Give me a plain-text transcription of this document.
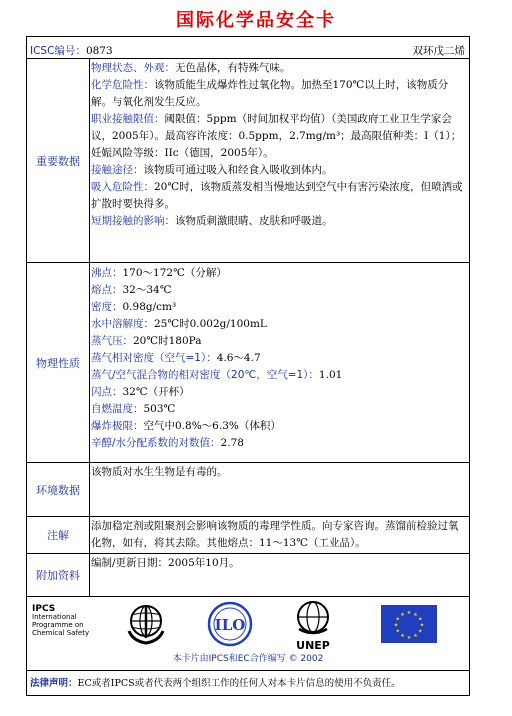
国际化学品安全卡
ICSC编号：0873	双环戊二烯
重要数据
物理状态、外观：无色晶体，有特殊气味。
化学危险性：该物质能生成爆炸性过氧化物。加热至170℃以上时，该物质分解。与氧化剂发生反应。
职业接触限值：阈限值：5ppm（时间加权平均值）（美国政府工业卫生学家会议，2005年）。最高容许浓度：0.5ppm，2.7mg/m³；最高限值种类：I（1）；妊娠风险等级：IIc（德国，2005年）。
接触途径：该物质可通过吸入和经食入吸收到体内。
吸入危险性：20℃时，该物质蒸发相当慢地达到空气中有害污染浓度，但喷洒或扩散时要快得多。
短期接触的影响：该物质刺激眼睛、皮肤和呼吸道。
物理性质
沸点：170～172℃（分解）
熔点：32～34℃
密度：0.98g/cm³
水中溶解度：25℃时0.002g/100mL
蒸气压：20℃时180Pa
蒸气相对密度（空气=1）：4.6～4.7
蒸气/空气混合物的相对密度（20℃，空气=1）：1.01
闪点：32℃（开杯）
自燃温度：503℃
爆炸极限：空气中0.8%～6.3%（体积）
辛醇/水分配系数的对数值：2.78
环境数据
该物质对水生生物是有毒的。
注解
添加稳定剂或阻聚剂会影响该物质的毒理学性质。向专家咨询。蒸馏前检验过氧化物，如有，将其去除。其他熔点：11～13℃（工业品）。
附加资料
编制/更新日期：2005年10月。
IPCS
International
Programme on
Chemical Safety	ILO
UNEP
★ ★
★
★
★
★
★
★
★
★
★
★
本卡片由IPCS和EC合作编写 © 2002
法律声明：EC或者IPCS或者代表两个组织工作的任何人对本卡片信息的使用不负责任。
